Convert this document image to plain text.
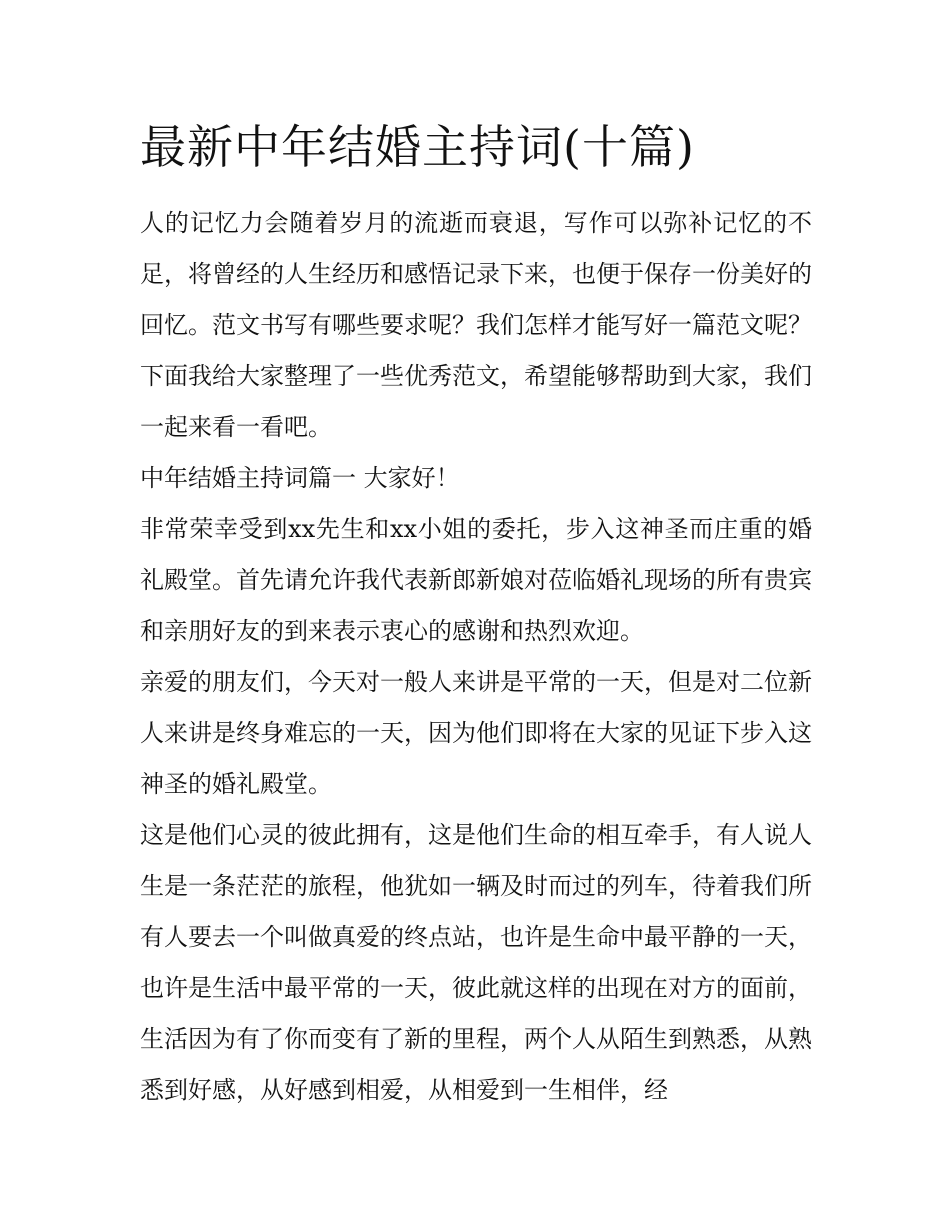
最新中年结婚主持词(十篇)

人的记忆力会随着岁月的流逝而衰退，写作可以弥补记忆的不足，将曾经的人生经历和感悟记录下来，也便于保存一份美好的回忆。范文书写有哪些要求呢？我们怎样才能写好一篇范文呢？下面我给大家整理了一些优秀范文，希望能够帮助到大家，我们一起来看一看吧。

中年结婚主持词篇一 大家好！

非常荣幸受到xx先生和xx小姐的委托，步入这神圣而庄重的婚礼殿堂。首先请允许我代表新郎新娘对莅临婚礼现场的所有贵宾和亲朋好友的到来表示衷心的感谢和热烈欢迎。

亲爱的朋友们，今天对一般人来讲是平常的一天，但是对二位新人来讲是终身难忘的一天，因为他们即将在大家的见证下步入这神圣的婚礼殿堂。

这是他们心灵的彼此拥有，这是他们生命的相互牵手，有人说人生是一条茫茫的旅程，他犹如一辆及时而过的列车，待着我们所有人要去一个叫做真爱的终点站，也许是生命中最平静的一天，也许是生活中最平常的一天，彼此就这样的出现在对方的面前，生活因为有了你而变有了新的里程，两个人从陌生到熟悉，从熟悉到好感，从好感到相爱，从相爱到一生相伴，经
